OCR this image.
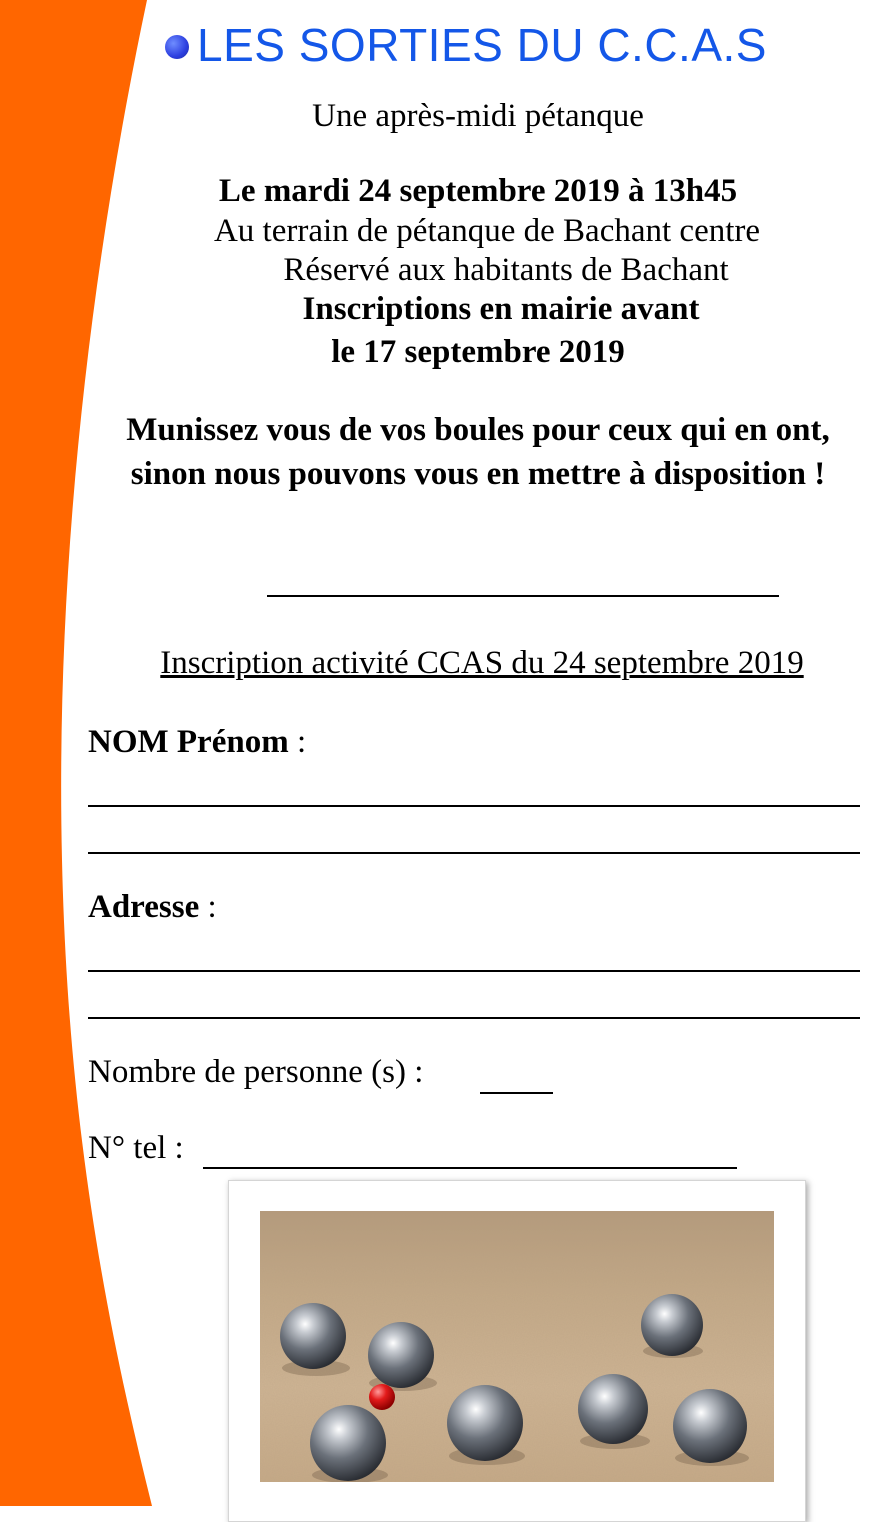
LES SORTIES DU C.C.A.S
Une après-midi pétanque
Le mardi 24 septembre 2019 à 13h45
Au terrain de pétanque de Bachant centre
Réservé aux habitants de Bachant
Inscriptions en mairie avant
le 17 septembre 2019
Munissez vous de vos boules pour ceux qui en ont, sinon nous pouvons vous en mettre à disposition !
Inscription activité CCAS du 24 septembre 2019
NOM Prénom :
Adresse :
Nombre de personne (s) :
N° tel :
